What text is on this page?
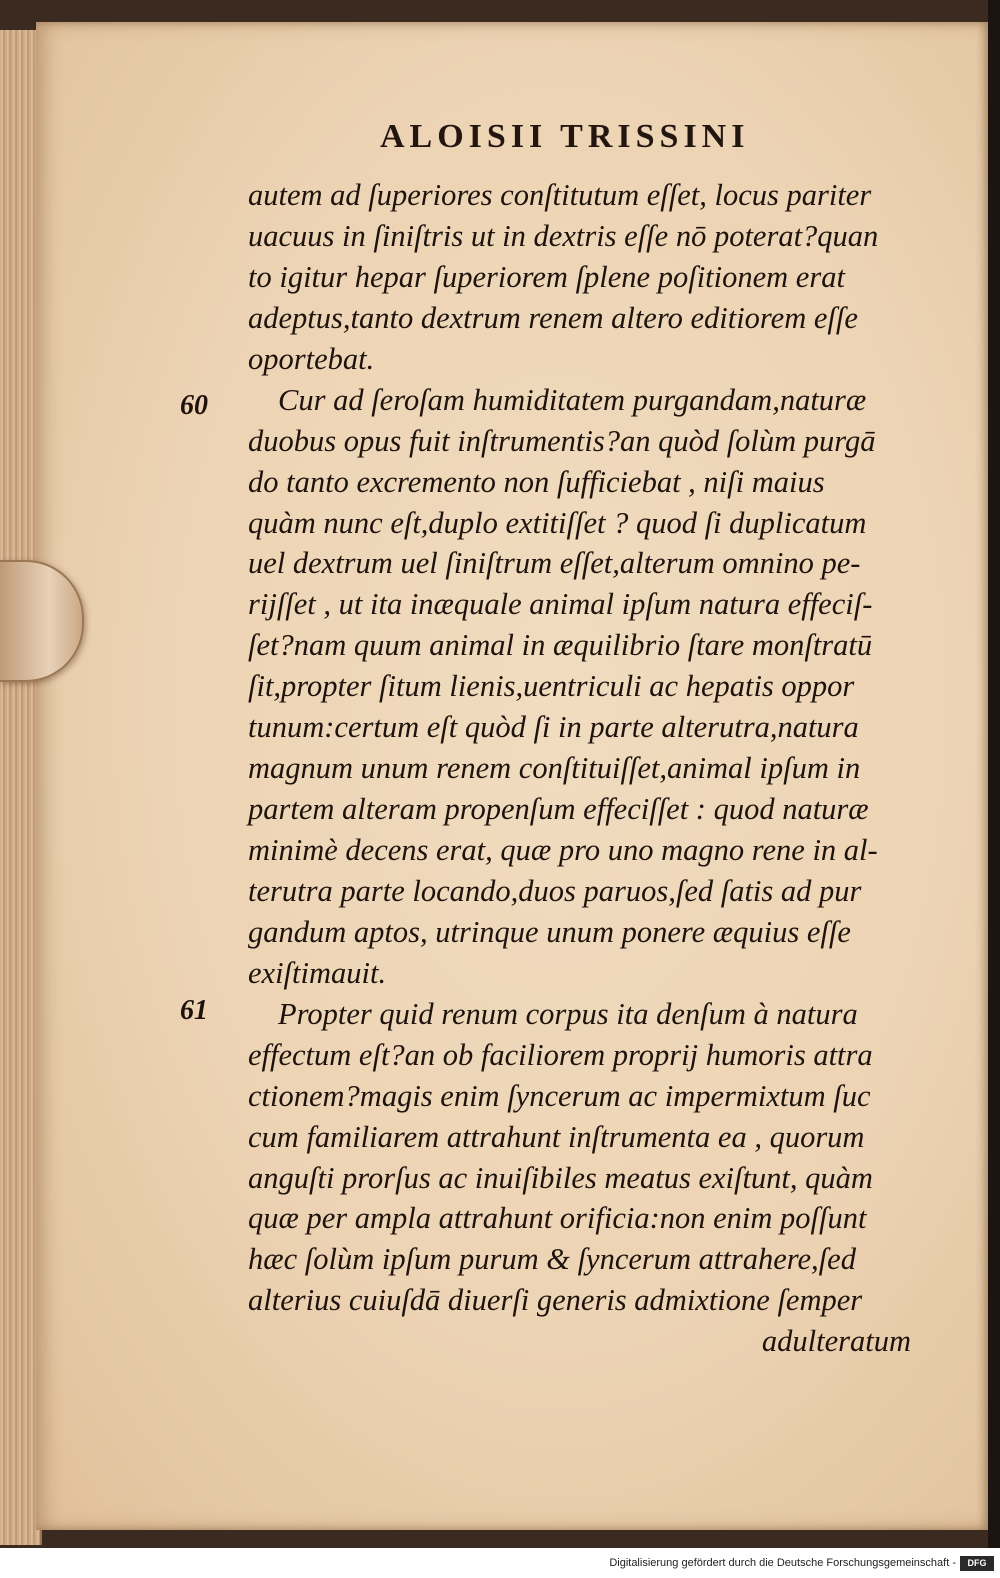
ALOISII TRISSINI
60
61
autem ad ſuperiores conſtitutum eſſet, locus pariter
uacuus in ſiniſtris ut in dextris eſſe nō poterat?quan
to igitur hepar ſuperiorem ſplene poſitionem erat
adeptus,tanto dextrum renem altero editiorem eſſe
oportebat.
Cur ad ſeroſam humiditatem purgandam,naturæ
duobus opus fuit inſtrumentis?an quòd ſolùm purgā
do tanto excremento non ſufficiebat , niſi maius
quàm nunc eſt,duplo extitiſſet ? quod ſi duplicatum
uel dextrum uel ſiniſtrum eſſet,alterum omnino pe-
rijſſet , ut ita inæquale animal ipſum natura effeciſ-
ſet?nam quum animal in æquilibrio ſtare monſtratū
ſit,propter ſitum lienis,uentriculi ac hepatis oppor
tunum:certum eſt quòd ſi in parte alterutra,natura
magnum unum renem conſtituiſſet,animal ipſum in
partem alteram propenſum effeciſſet : quod naturæ
minimè decens erat, quæ pro uno magno rene in al-
terutra parte locando,duos paruos,ſed ſatis ad pur
gandum aptos, utrinque unum ponere æquius eſſe
exiſtimauit.
Propter quid renum corpus ita denſum à natura
effectum eſt?an ob faciliorem proprij humoris attra
ctionem?magis enim ſyncerum ac impermixtum ſuc
cum familiarem attrahunt inſtrumenta ea , quorum
anguſti prorſus ac inuiſibiles meatus exiſtunt, quàm
quæ per ampla attrahunt orificia:non enim poſſunt
hæc ſolùm ipſum purum & ſyncerum attrahere,ſed
alterius cuiuſdā diuerſi generis admixtione ſemper
adulteratum
Digitalisierung gefördert durch die Deutsche Forschungsgemeinschaft -	DFG
